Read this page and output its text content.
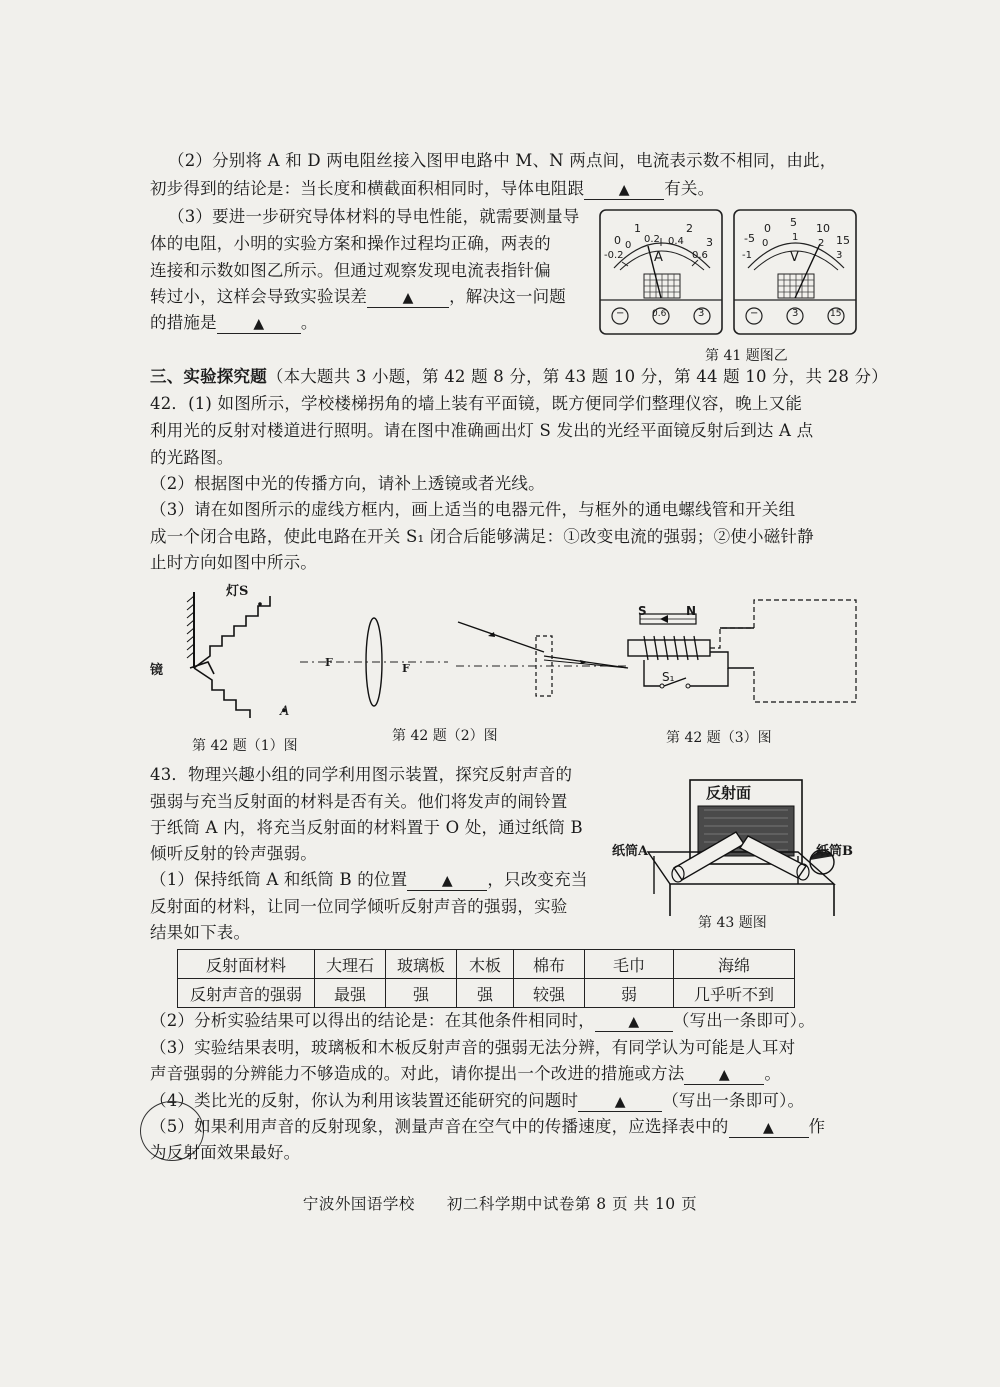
（2）分别将 A 和 D 两电阻丝接入图甲电路中 M、N 两点间，电流表示数不相同，由此，
初步得到的结论是：当长度和横截面积相同时，导体电阻跟 ▲ 有关。
（3）要进一步研究导体材料的导电性能，就需要测量导
体的电阻，小明的实验方案和操作过程均正确，两表的
连接和示数如图乙所示。但通过观察发现电流表指针偏
转过小，这样会导致实验误差	▲ ，解决这一问题
的措施是	▲ 。
0
1	2
3
-0.2
0
0.2 0.4
0.6
A
−	0.6	3
-5
0 5 10
15
-1
0
1
2
3
V
−	3	15
第 41 题图乙
三、实验探究题（本大题共 3 小题，第 42 题 8 分，第 43 题 10 分，第 44 题 10 分，共 28 分）
42．(1) 如图所示，学校楼梯拐角的墙上装有平面镜，既方便同学们整理仪容，晚上又能
利用光的反射对楼道进行照明。请在图中准确画出灯 S 发出的光经平面镜反射后到达 A 点
的光路图。
（2）根据图中光的传播方向，请补上透镜或者光线。
（3）请在如图所示的虚线方框内，画上适当的电器元件，与框外的通电螺线管和开关组
成一个闭合电路，使此电路在开关 S₁ 闭合后能够满足：①改变电流的强弱；②使小磁针静
止时方向如图中所示。
灯S
镜
A
第 42 题（1）图
F	F
第 42 题（2）图
S	N
S₁
第 42 题（3）图
43．物理兴趣小组的同学利用图示装置，探究反射声音的
强弱与充当反射面的材料是否有关。他们将发声的闹铃置
于纸筒 A 内，将充当反射面的材料置于 O 处，通过纸筒 B
倾听反射的铃声强弱。
（1）保持纸筒 A 和纸筒 B 的位置 ▲ ，只改变充当
反射面的材料，让同一位同学倾听反射声音的强弱，实验
结果如下表。
反射面
纸筒A	纸筒B
第 43 题图
反射面材料	大理石	玻璃板	木板	棉布	毛巾	海绵
反射声音的强弱	最强	强	强	较强	弱	几乎听不到
（2）分析实验结果可以得出的结论是：在其他条件相同时， ▲ （写出一条即可）。
（3）实验结果表明，玻璃板和木板反射声音的强弱无法分辨，有同学认为可能是人耳对
声音强弱的分辨能力不够造成的。对此，请你提出一个改进的措施或方法 ▲ 。
（4）类比光的反射，你认为利用该装置还能研究的问题时	▲ （写出一条即可）。
（5）如果利用声音的反射现象，测量声音在空气中的传播速度，应选择表中的 ▲ 作
为反射面效果最好。
宁波外国语学校　　初二科学期中试卷第 8 页 共 10 页
